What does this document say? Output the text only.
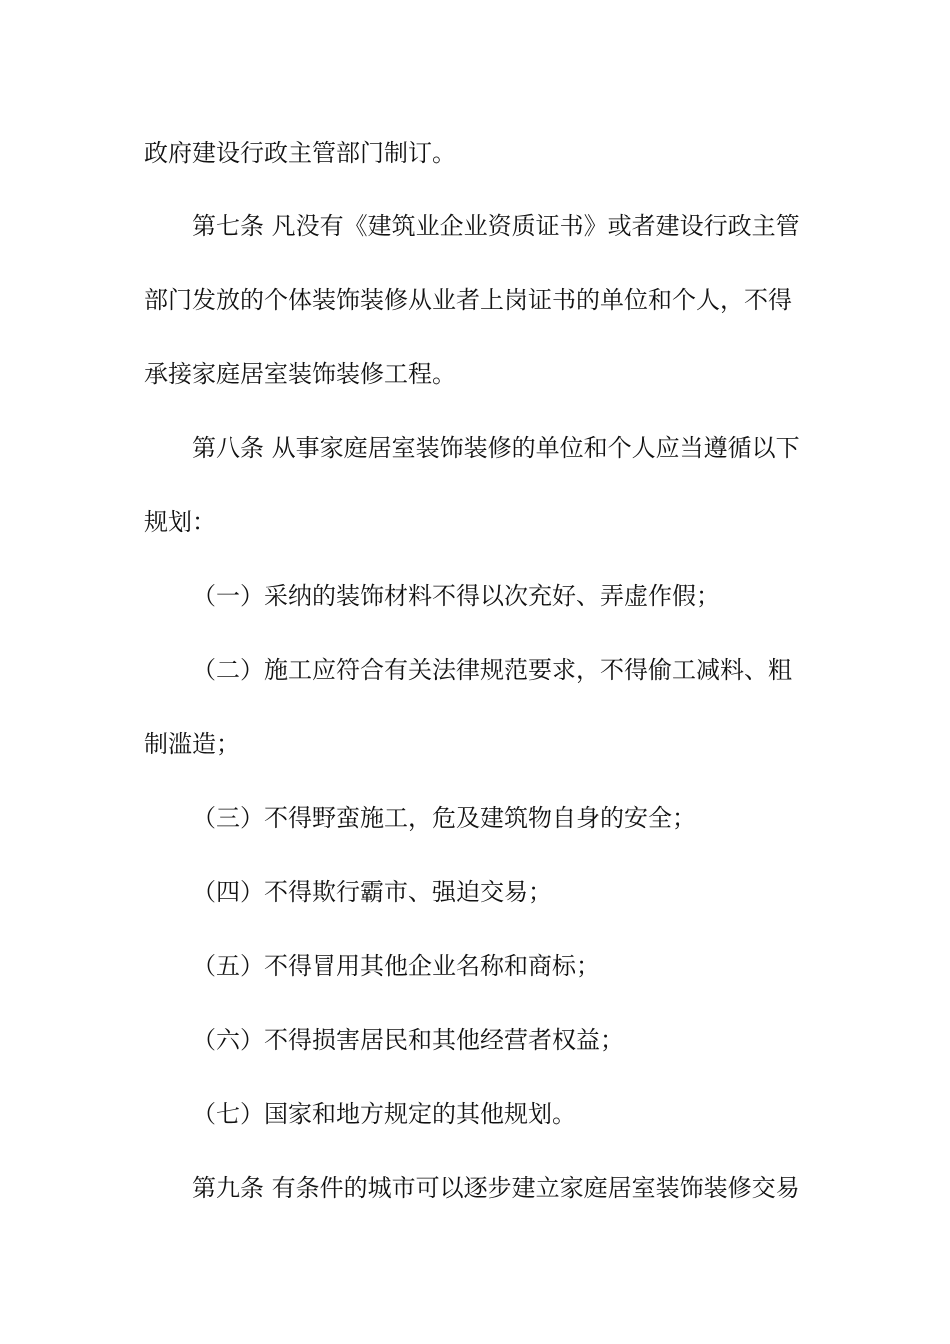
政府建设行政主管部门制订。
第七条 凡没有《建筑业企业资质证书》或者建设行政主管
部门发放的个体装饰装修从业者上岗证书的单位和个人，不得
承接家庭居室装饰装修工程。
第八条 从事家庭居室装饰装修的单位和个人应当遵循以下
规划：
（一）采纳的装饰材料不得以次充好、弄虚作假；
（二）施工应符合有关法律规范要求，不得偷工减料、粗
制滥造；
（三）不得野蛮施工，危及建筑物自身的安全；
（四）不得欺行霸市、强迫交易；
（五）不得冒用其他企业名称和商标；
（六）不得损害居民和其他经营者权益；
（七）国家和地方规定的其他规划。
第九条 有条件的城市可以逐步建立家庭居室装饰装修交易
